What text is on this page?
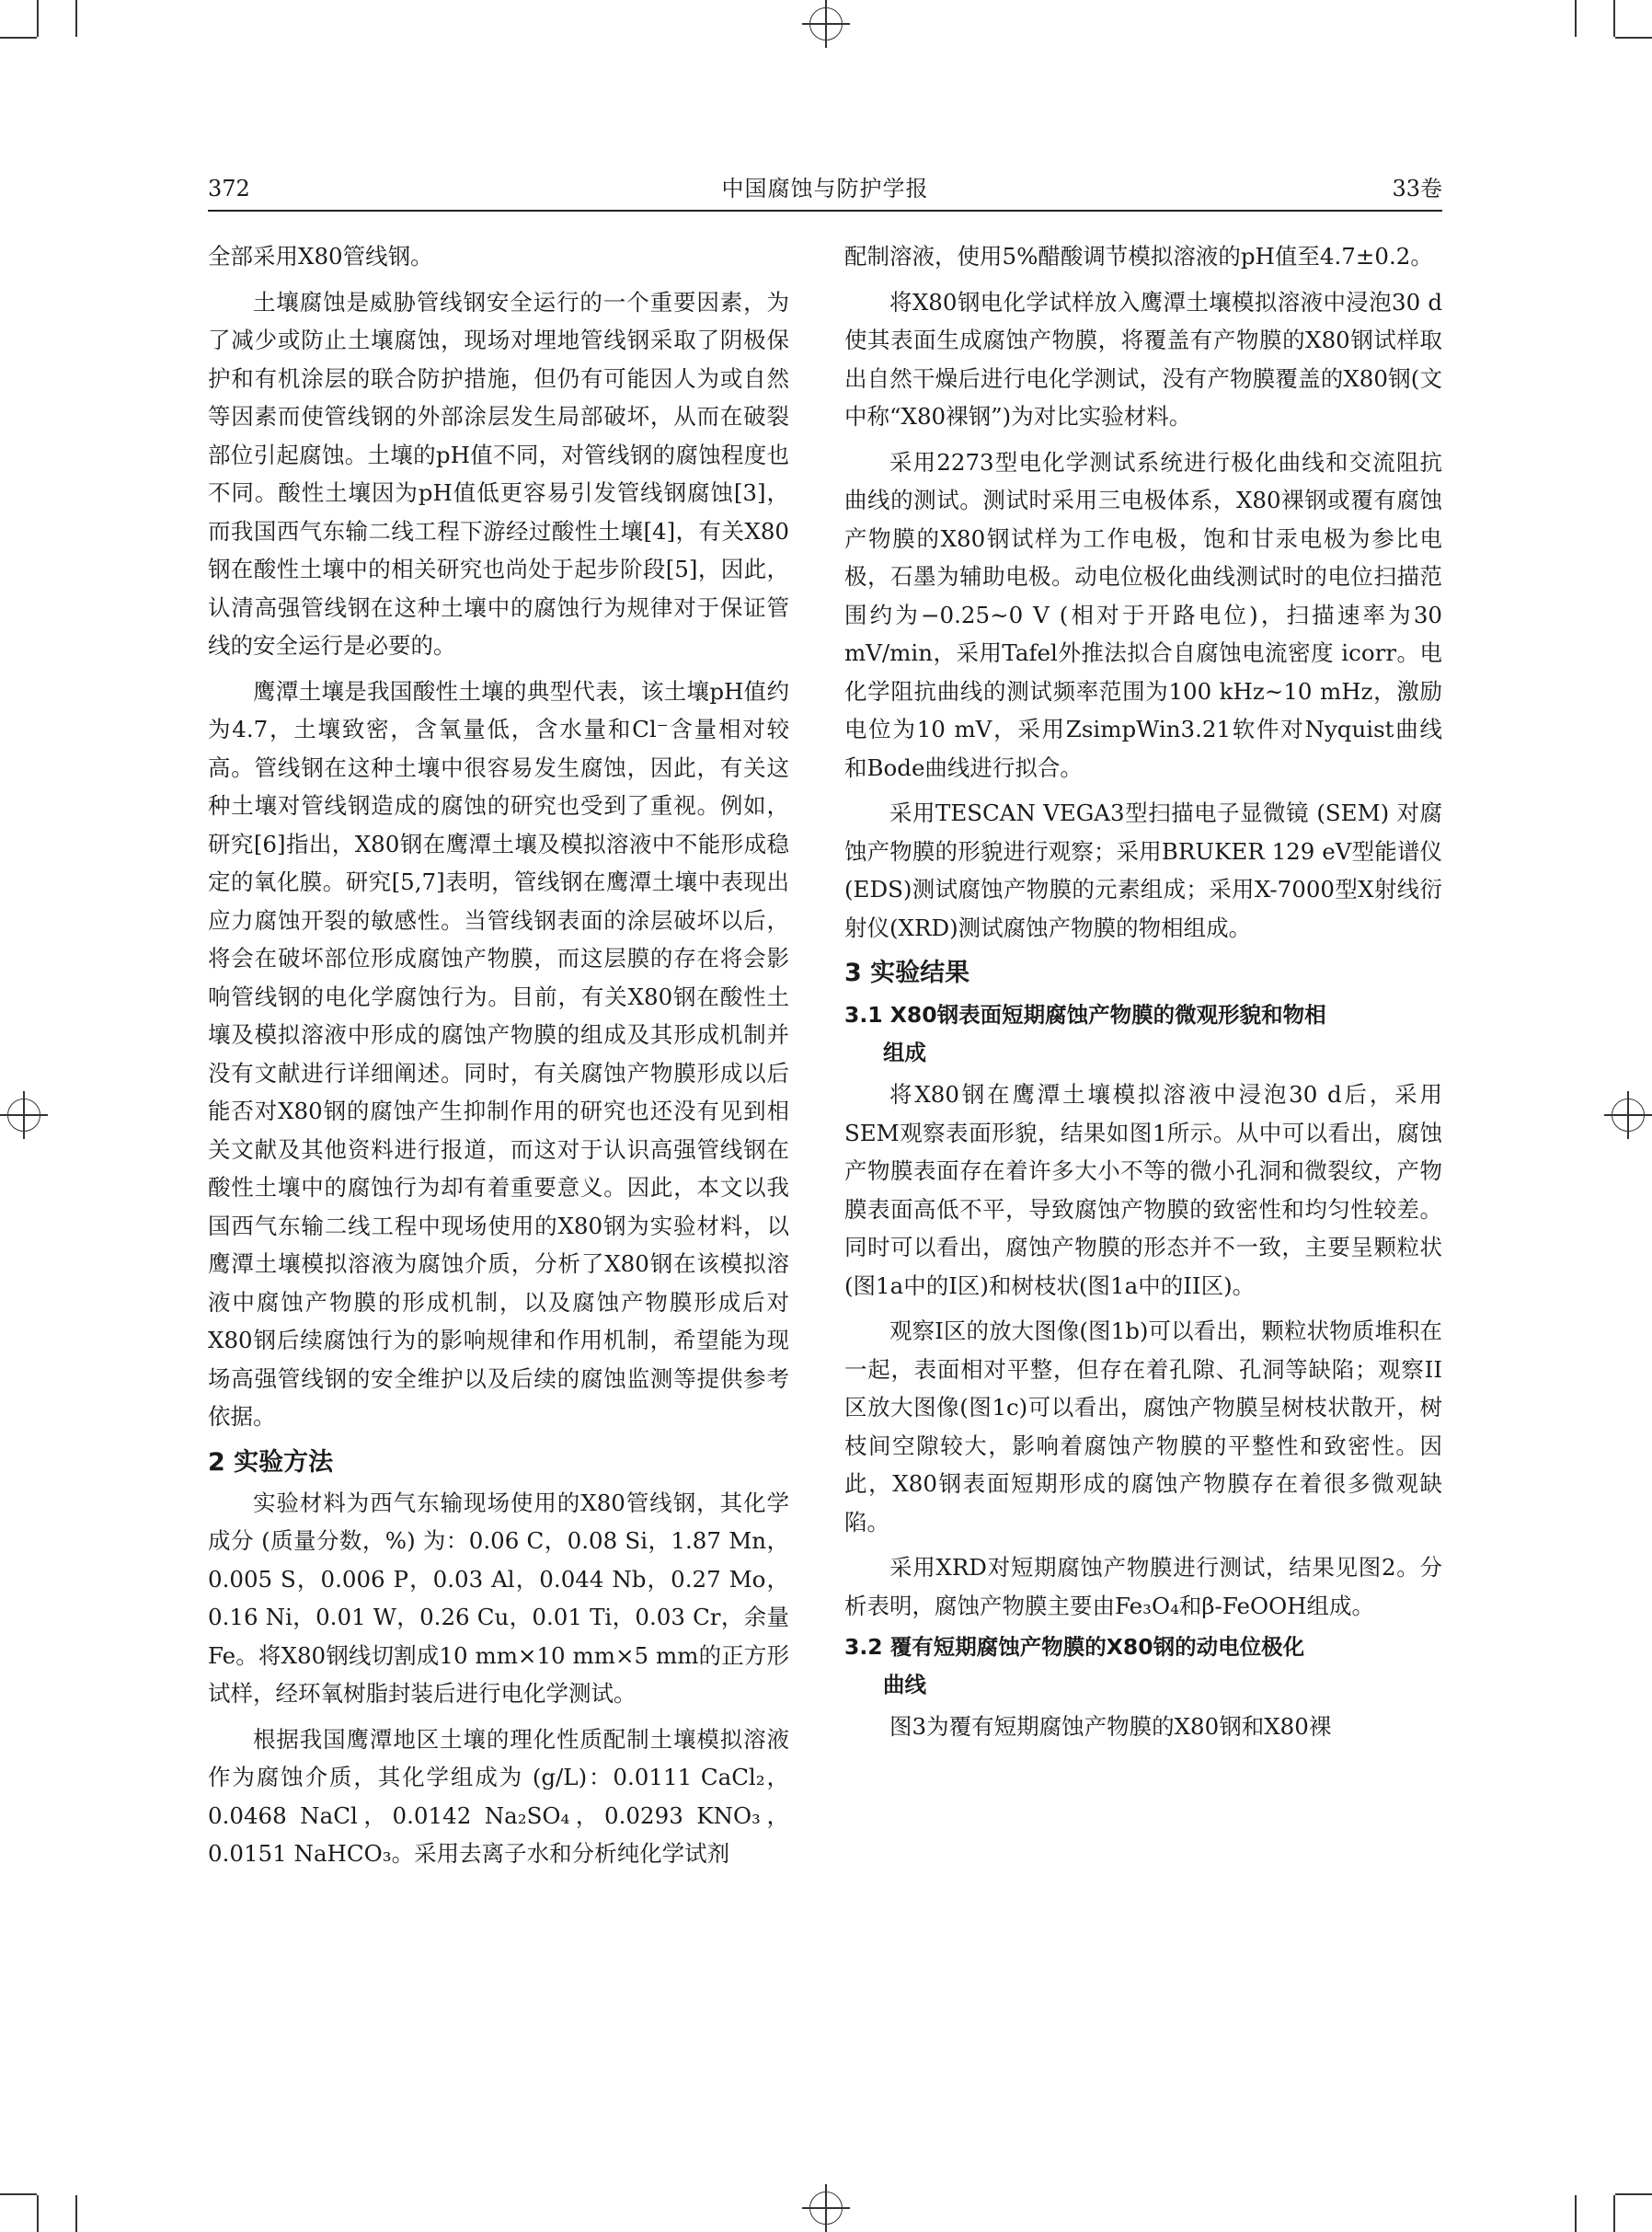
中国腐蚀与防护学报
372	33卷

全部采用X80管线钢。

土壤腐蚀是威胁管线钢安全运行的一个重要因素，为了减少或防止土壤腐蚀，现场对埋地管线钢采取了阴极保护和有机涂层的联合防护措施，但仍有可能因人为或自然等因素而使管线钢的外部涂层发生局部破坏，从而在破裂部位引起腐蚀。土壤的pH值不同，对管线钢的腐蚀程度也不同。酸性土壤因为pH值低更容易引发管线钢腐蚀[3]，而我国西气东输二线工程下游经过酸性土壤[4]，有关X80钢在酸性土壤中的相关研究也尚处于起步阶段[5]，因此，认清高强管线钢在这种土壤中的腐蚀行为规律对于保证管线的安全运行是必要的。

鹰潭土壤是我国酸性土壤的典型代表，该土壤pH值约为4.7，土壤致密，含氧量低，含水量和Cl⁻含量相对较高。管线钢在这种土壤中很容易发生腐蚀，因此，有关这种土壤对管线钢造成的腐蚀的研究也受到了重视。例如，研究[6]指出，X80钢在鹰潭土壤及模拟溶液中不能形成稳定的氧化膜。研究[5,7]表明，管线钢在鹰潭土壤中表现出应力腐蚀开裂的敏感性。当管线钢表面的涂层破坏以后，将会在破坏部位形成腐蚀产物膜，而这层膜的存在将会影响管线钢的电化学腐蚀行为。目前，有关X80钢在酸性土壤及模拟溶液中形成的腐蚀产物膜的组成及其形成机制并没有文献进行详细阐述。同时，有关腐蚀产物膜形成以后能否对X80钢的腐蚀产生抑制作用的研究也还没有见到相关文献及其他资料进行报道，而这对于认识高强管线钢在酸性土壤中的腐蚀行为却有着重要意义。因此，本文以我国西气东输二线工程中现场使用的X80钢为实验材料，以鹰潭土壤模拟溶液为腐蚀介质，分析了X80钢在该模拟溶液中腐蚀产物膜的形成机制，以及腐蚀产物膜形成后对X80钢后续腐蚀行为的影响规律和作用机制，希望能为现场高强管线钢的安全维护以及后续的腐蚀监测等提供参考依据。

2 实验方法

实验材料为西气东输现场使用的X80管线钢，其化学成分 (质量分数，%) 为：0.06 C，0.08 Si，1.87 Mn，0.005 S，0.006 P，0.03 Al，0.044 Nb，0.27 Mo，0.16 Ni，0.01 W，0.26 Cu，0.01 Ti，0.03 Cr，余量 Fe。将X80钢线切割成10 mm×10 mm×5 mm的正方形试样，经环氧树脂封装后进行电化学测试。

根据我国鹰潭地区土壤的理化性质配制土壤模拟溶液作为腐蚀介质，其化学组成为 (g/L)：0.0111 CaCl₂，0.0468 NaCl，0.0142 Na₂SO₄，0.0293 KNO₃，0.0151 NaHCO₃。采用去离子水和分析纯化学试剂

配制溶液，使用5%醋酸调节模拟溶液的pH值至4.7±0.2。

将X80钢电化学试样放入鹰潭土壤模拟溶液中浸泡30 d使其表面生成腐蚀产物膜，将覆盖有产物膜的X80钢试样取出自然干燥后进行电化学测试，没有产物膜覆盖的X80钢(文中称“X80裸钢”)为对比实验材料。

采用2273型电化学测试系统进行极化曲线和交流阻抗曲线的测试。测试时采用三电极体系，X80裸钢或覆有腐蚀产物膜的X80钢试样为工作电极，饱和甘汞电极为参比电极，石墨为辅助电极。动电位极化曲线测试时的电位扫描范围约为−0.25~0 V (相对于开路电位)，扫描速率为30 mV/min，采用Tafel外推法拟合自腐蚀电流密度 icorr。电化学阻抗曲线的测试频率范围为100 kHz~10 mHz，激励电位为10 mV，采用ZsimpWin3.21软件对Nyquist曲线和Bode曲线进行拟合。

采用TESCAN VEGA3型扫描电子显微镜 (SEM) 对腐蚀产物膜的形貌进行观察；采用BRUKER 129 eV型能谱仪(EDS)测试腐蚀产物膜的元素组成；采用X-7000型X射线衍射仪(XRD)测试腐蚀产物膜的物相组成。

3 实验结果
3.1 X80钢表面短期腐蚀产物膜的微观形貌和物相
组成

将X80钢在鹰潭土壤模拟溶液中浸泡30 d后，采用SEM观察表面形貌，结果如图1所示。从中可以看出，腐蚀产物膜表面存在着许多大小不等的微小孔洞和微裂纹，产物膜表面高低不平，导致腐蚀产物膜的致密性和均匀性较差。同时可以看出，腐蚀产物膜的形态并不一致，主要呈颗粒状(图1a中的I区)和树枝状(图1a中的II区)。

观察I区的放大图像(图1b)可以看出，颗粒状物质堆积在一起，表面相对平整，但存在着孔隙、孔洞等缺陷；观察II区放大图像(图1c)可以看出，腐蚀产物膜呈树枝状散开，树枝间空隙较大，影响着腐蚀产物膜的平整性和致密性。因此，X80钢表面短期形成的腐蚀产物膜存在着很多微观缺陷。

采用XRD对短期腐蚀产物膜进行测试，结果见图2。分析表明，腐蚀产物膜主要由Fe₃O₄和β-FeOOH组成。

3.2 覆有短期腐蚀产物膜的X80钢的动电位极化
曲线

图3为覆有短期腐蚀产物膜的X80钢和X80裸
